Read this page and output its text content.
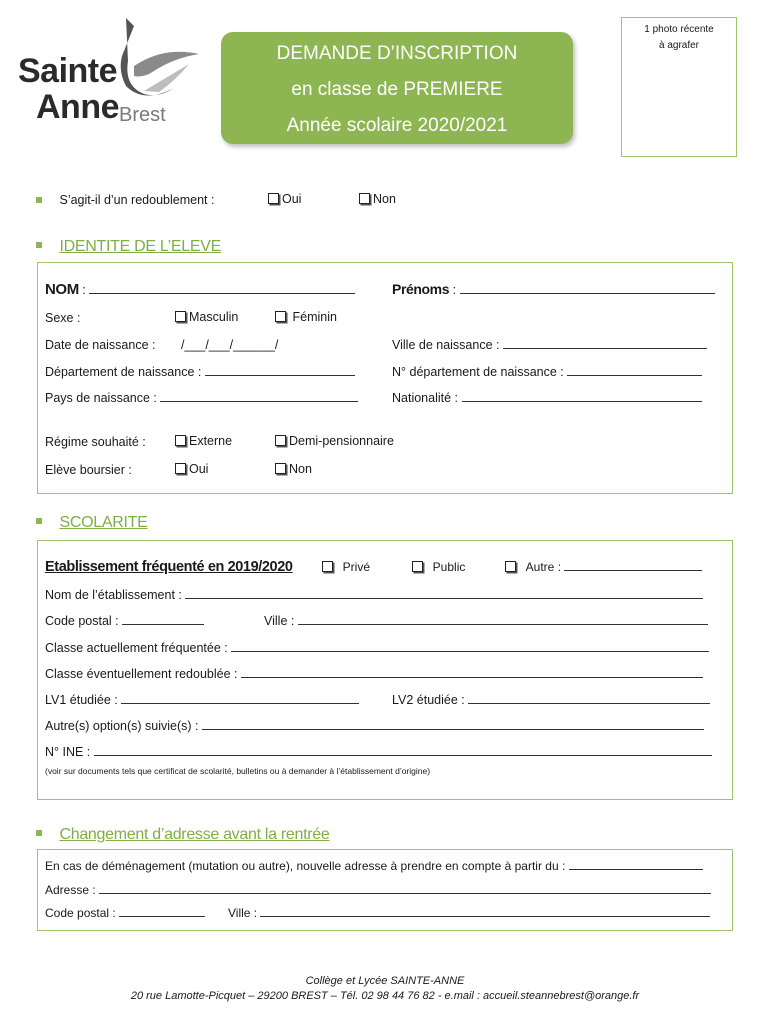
Sainte
Anne Brest
DEMANDE D’INSCRIPTION
en classe de PREMIERE
Année scolaire 2020/2021
1 photo récente
à agrafer
S’agit-il d’un redoublement :	Oui	Non
IDENTITE DE L’ELEVE
NOM :	Prénoms :
Sexe :	Masculin	Féminin
Date de naissance : /___/___/______/	Ville de naissance :
Département de naissance :	N° département de naissance :
Pays de naissance :	Nationalité :
Régime souhaité :	Externe	Demi-pensionnaire
Elève boursier :	Oui	Non
SCOLARITE
Etablissement fréquenté en 2019/2020	Privé	Public	Autre :
Nom de l’établissement :
Code postal :	Ville :
Classe actuellement fréquentée :
Classe éventuellement redoublée :
LV1 étudiée :	LV2 étudiée :
Autre(s) option(s) suivie(s) :
N° INE :
(voir sur documents tels que certificat de scolarité, bulletins ou à demander à l’établissement d’origine)
Changement d’adresse avant la rentrée
En cas de déménagement (mutation ou autre), nouvelle adresse à prendre en compte à partir du :
Adresse :
Code postal :	Ville :
Collège et Lycée SAINTE-ANNE
20 rue Lamotte-Picquet – 29200 BREST – Tél. 02 98 44 76 82 - e.mail : accueil.steannebrest@orange.fr
